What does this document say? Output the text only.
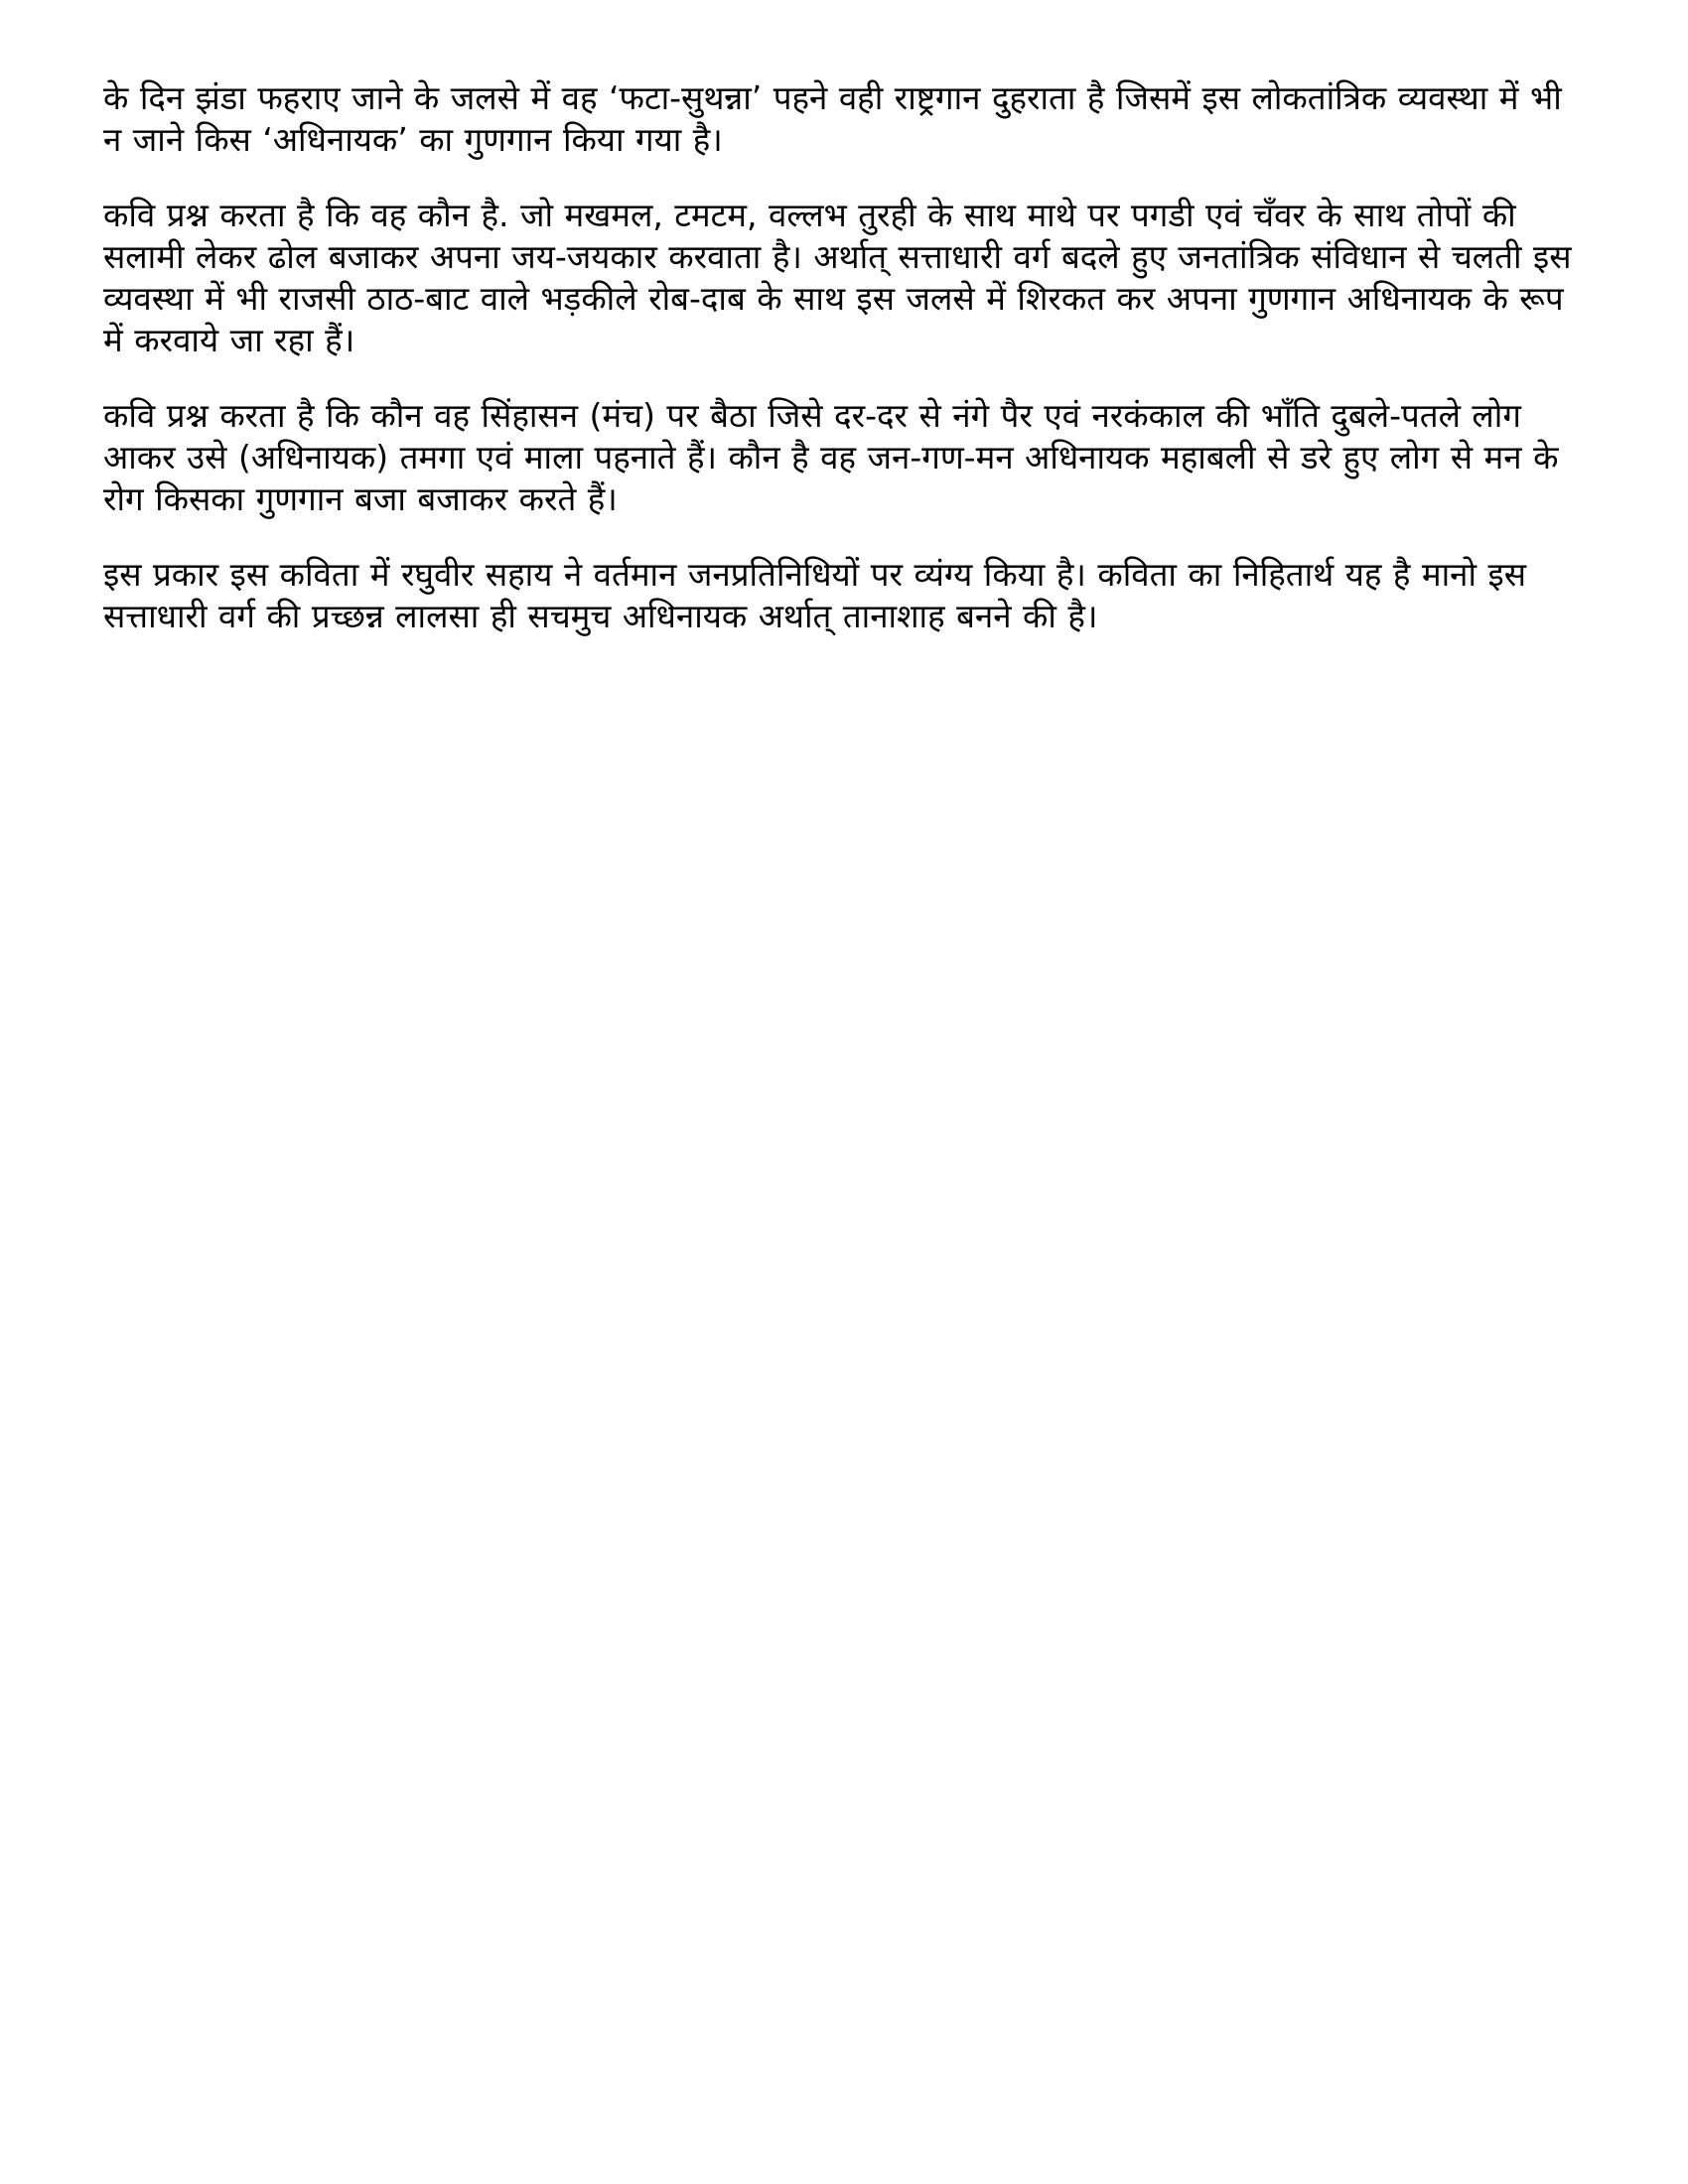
के दिन झंडा फहराए जाने के जलसे में वह ‘फटा-सुथन्ना’ पहने वही राष्ट्रगान दुहराता है जिसमें इस लोकतांत्रिक व्यवस्था में भी न जाने किस ‘अधिनायक’ का गुणगान किया गया है।

कवि प्रश्न करता है कि वह कौन है. जो मखमल, टमटम, वल्लभ तुरही के साथ माथे पर पगडी एवं चँवर के साथ तोपों की सलामी लेकर ढोल बजाकर अपना जय-जयकार करवाता है। अर्थात् सत्ताधारी वर्ग बदले हुए जनतांत्रिक संविधान से चलती इस व्यवस्था में भी राजसी ठाठ-बाट वाले भड़कीले रोब-दाब के साथ इस जलसे में शिरकत कर अपना गुणगान अधिनायक के रूप में करवाये जा रहा हैं।

कवि प्रश्न करता है कि कौन वह सिंहासन (मंच) पर बैठा जिसे दर-दर से नंगे पैर एवं नरकंकाल की भाँति दुबले-पतले लोग आकर उसे (अधिनायक) तमगा एवं माला पहनाते हैं। कौन है वह जन-गण-मन अधिनायक महाबली से डरे हुए लोग से मन के रोग किसका गुणगान बजा बजाकर करते हैं।

इस प्रकार इस कविता में रघुवीर सहाय ने वर्तमान जनप्रतिनिधियों पर व्यंग्य किया है। कविता का निहितार्थ यह है मानो इस सत्ताधारी वर्ग की प्रच्छन्न लालसा ही सचमुच अधिनायक अर्थात् तानाशाह बनने की है।
